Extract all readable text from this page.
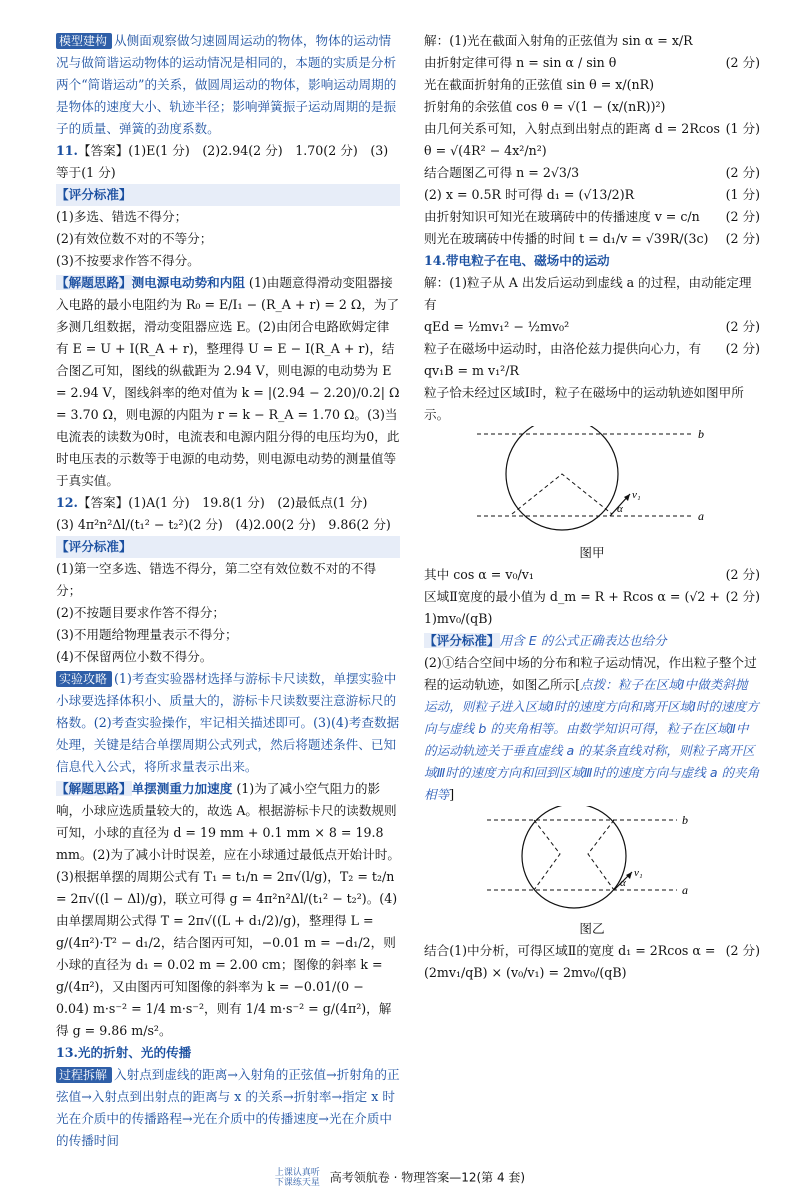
模型建构 从侧面观察做匀速圆周运动的物体，物体的运动情况与做简谐运动物体的运动情况是相同的，本题的实质是分析两个“简谐运动”的关系，做圆周运动的物体，影响运动周期的是物体的速度大小、轨迹半径；影响弹簧振子运动周期的是振子的质量、弹簧的劲度系数。

11.【答案】(1)E(1 分)　(2)2.94(2 分)　1.70(2 分)　(3)等于(1 分)

【评分标准】

(1)多选、错选不得分；

(2)有效位数不对的不等分；

(3)不按要求作答不得分。

【解题思路】测电源电动势和内阻 (1)由题意得滑动变阻器接入电路的最小电阻约为 R₀ = E/I₁ − (R_A + r) = 2 Ω，为了多测几组数据，滑动变阻器应选 E。(2)由闭合电路欧姆定律有 E = U + I(R_A + r)，整理得 U = E − I(R_A + r)，结合图乙可知，图线的纵截距为 2.94 V，则电源的电动势为 E = 2.94 V，图线斜率的绝对值为 k = |(2.94 − 2.20)/0.2| Ω = 3.70 Ω，则电源的内阻为 r = k − R_A = 1.70 Ω。(3)当电流表的读数为0时，电流表和电源内阻分得的电压均为0，此时电压表的示数等于电源的电动势，则电源电动势的测量值等于真实值。

12.【答案】(1)A(1 分)　19.8(1 分)　(2)最低点(1 分)

(3) 4π²n²Δl/(t₁² − t₂²)(2 分)　(4)2.00(2 分)　9.86(2 分)

【评分标准】

(1)第一空多选、错选不得分，第二空有效位数不对的不得分；

(2)不按题目要求作答不得分；

(3)不用题给物理量表示不得分；

(4)不保留两位小数不得分。

实验攻略 (1)考查实验器材选择与游标卡尺读数，单摆实验中小球要选择体积小、质量大的，游标卡尺读数要注意游标尺的格数。(2)考查实验操作，牢记相关描述即可。(3)(4)考查数据处理，关键是结合单摆周期公式列式，然后将题述条件、已知信息代入公式，将所求量表示出来。

【解题思路】单摆测重力加速度 (1)为了减小空气阻力的影响，小球应选质量较大的，故选 A。根据游标卡尺的读数规则可知，小球的直径为 d = 19 mm + 0.1 mm × 8 = 19.8 mm。(2)为了减小计时误差，应在小球通过最低点开始计时。(3)根据单摆的周期公式有 T₁ = t₁/n = 2π√(l/g)，T₂ = t₂/n = 2π√((l − Δl)/g)，联立可得 g = 4π²n²Δl/(t₁² − t₂²)。(4)由单摆周期公式得 T = 2π√((L + d₁/2)/g)，整理得 L = g/(4π²)·T² − d₁/2，结合图丙可知，−0.01 m = −d₁/2，则小球的直径为 d₁ = 0.02 m = 2.00 cm；图像的斜率 k = g/(4π²)，又由图丙可知图像的斜率为 k = −0.01/(0 − 0.04) m·s⁻² = 1/4 m·s⁻²，则有 1/4 m·s⁻² = g/(4π²)，解得 g = 9.86 m/s²。

13.光的折射、光的传播

过程拆解 入射点到虚线的距离→入射角的正弦值→折射角的正弦值→入射点到出射点的距离与 x 的关系→折射率→指定 x 时光在介质中的传播路程→光在介质中的传播速度→光在介质中的传播时间

解：(1)光在截面入射角的正弦值为 sin α = x/R

(2 分)
由折射定律可得 n = sin α / sin θ

光在截面折射角的正弦值 sin θ = x/(nR)

折射角的余弦值 cos θ = √(1 − (x/(nR))²)

(1 分)
由几何关系可知，入射点到出射点的距离 d = 2Rcos θ = √(4R² − 4x²/n²)

(2 分)
结合题图乙可得 n = 2√3/3

(1 分)
(2) x = 0.5R 时可得 d₁ = (√13/2)R

(2 分)
由折射知识可知光在玻璃砖中的传播速度 v = c/n

(2 分)
则光在玻璃砖中传播的时间 t = d₁/v = √39R/(3c)

14.带电粒子在电、磁场中的运动

解：(1)粒子从 A 出发后运动到虚线 a 的过程，由动能定理有

(2 分)
qEd = ½mv₁² − ½mv₀²

(2 分)
粒子在磁场中运动时，由洛伦兹力提供向心力，有 qv₁B = m v₁²/R

粒子恰未经过区域Ⅰ时，粒子在磁场中的运动轨迹如图甲所示。

b
a
v₁
α

图甲

(2 分)
其中 cos α = v₀/v₁

(2 分)
区域Ⅱ宽度的最小值为 d_m = R + Rcos α = (√2 + 1)mv₀/(qB)

【评分标准】用含 E 的公式正确表达也给分

(2)①结合空间中场的分布和粒子运动情况，作出粒子整个过程的运动轨迹，如图乙所示[点拨：粒子在区域Ⅰ中做类斜抛运动，则粒子进入区域Ⅰ时的速度方向和离开区域Ⅰ时的速度方向与虚线 b 的夹角相等。由数学知识可得，粒子在区域Ⅱ中的运动轨迹关于垂直虚线 a 的某条直线对称，则粒子离开区域Ⅲ时的速度方向和回到区域Ⅲ时的速度方向与虚线 a 的夹角相等]

b
a
v₁
α

图乙

(2 分)
结合(1)中分析，可得区域Ⅱ的宽度 d₁ = 2Rcos α = (2mv₁/qB) × (v₀/v₁) = 2mv₀/(qB)

上课认真听
下课练天星 高考领航卷 · 物理答案—12(第 4 套)
